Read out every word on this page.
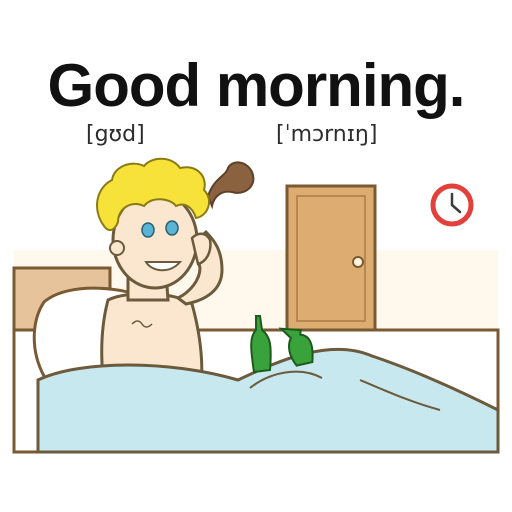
Good morning.

[gʊd]	[ˈmɔrnɪŋ]
